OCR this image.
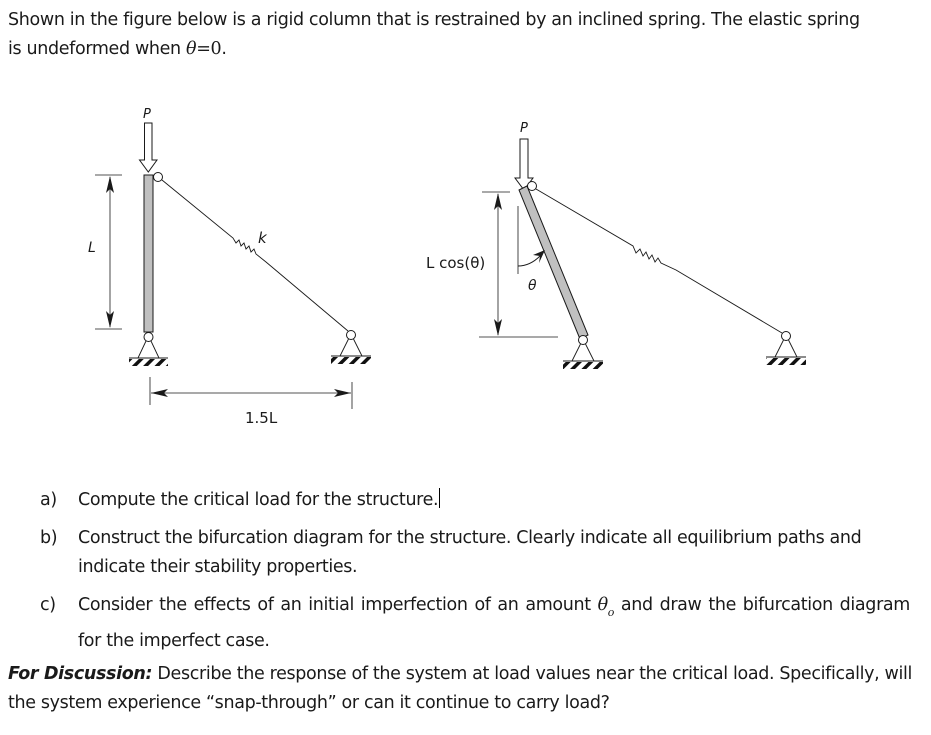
Shown in the figure below is a rigid column that is restrained by an inclined spring. The elastic spring
is undeformed when θ=0.
P
k
L
1.5L
P
L cos(θ)
θ
a)	Compute the critical load for the structure.
b)	Construct the bifurcation diagram for the structure. Clearly indicate all equilibrium paths and indicate their stability properties.
c)	Consider the effects of an initial imperfection of an amount $\theta_o$ and draw the bifurcation diagram for the imperfect case.
For Discussion: Describe the response of the system at load values near the critical load. Specifically, will the system experience “snap-through” or can it continue to carry load?
